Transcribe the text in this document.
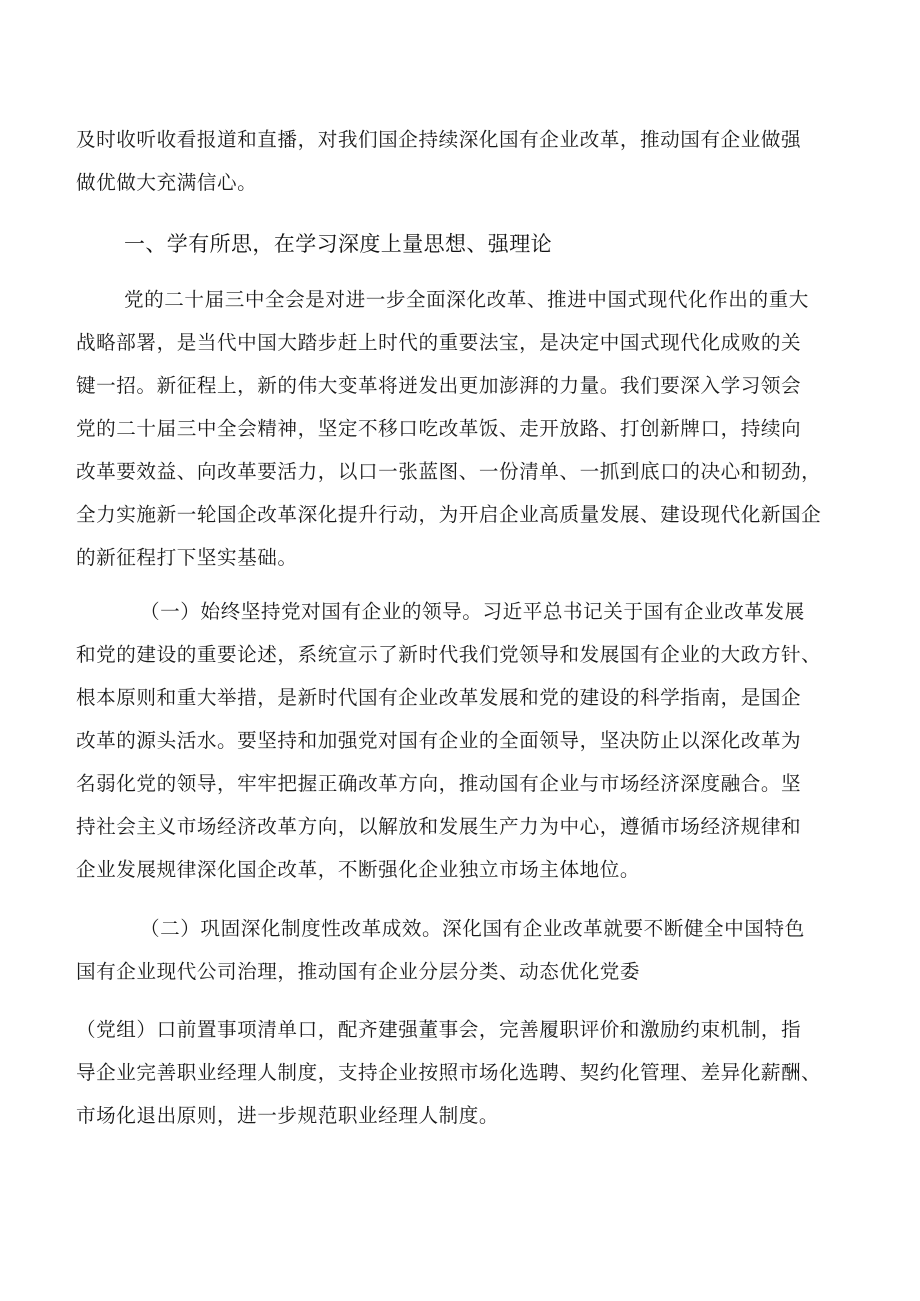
及时收听收看报道和直播，对我们国企持续深化国有企业改革，推动国有企业做强
做优做大充满信心。
一、学有所思，在学习深度上量思想、强理论
党的二十届三中全会是对进一步全面深化改革、推进中国式现代化作出的重大
战略部署，是当代中国大踏步赶上时代的重要法宝，是决定中国式现代化成败的关
键一招。新征程上，新的伟大变革将迸发出更加澎湃的力量。我们要深入学习领会
党的二十届三中全会精神，坚定不移口吃改革饭、走开放路、打创新牌口，持续向
改革要效益、向改革要活力，以口一张蓝图、一份清单、一抓到底口的决心和韧劲，
全力实施新一轮国企改革深化提升行动，为开启企业高质量发展、建设现代化新国企
的新征程打下坚实基础。
（一）始终坚持党对国有企业的领导。习近平总书记关于国有企业改革发展
和党的建设的重要论述，系统宣示了新时代我们党领导和发展国有企业的大政方针、
根本原则和重大举措，是新时代国有企业改革发展和党的建设的科学指南，是国企
改革的源头活水。要坚持和加强党对国有企业的全面领导，坚决防止以深化改革为
名弱化党的领导，牢牢把握正确改革方向，推动国有企业与市场经济深度融合。坚
持社会主义市场经济改革方向，以解放和发展生产力为中心，遵循市场经济规律和
企业发展规律深化国企改革，不断强化企业独立市场主体地位。
（二）巩固深化制度性改革成效。深化国有企业改革就要不断健全中国特色
国有企业现代公司治理，推动国有企业分层分类、动态优化党委
（党组）口前置事项清单口，配齐建强董事会，完善履职评价和激励约束机制，指
导企业完善职业经理人制度，支持企业按照市场化选聘、契约化管理、差异化薪酬、
市场化退出原则，进一步规范职业经理人制度。
